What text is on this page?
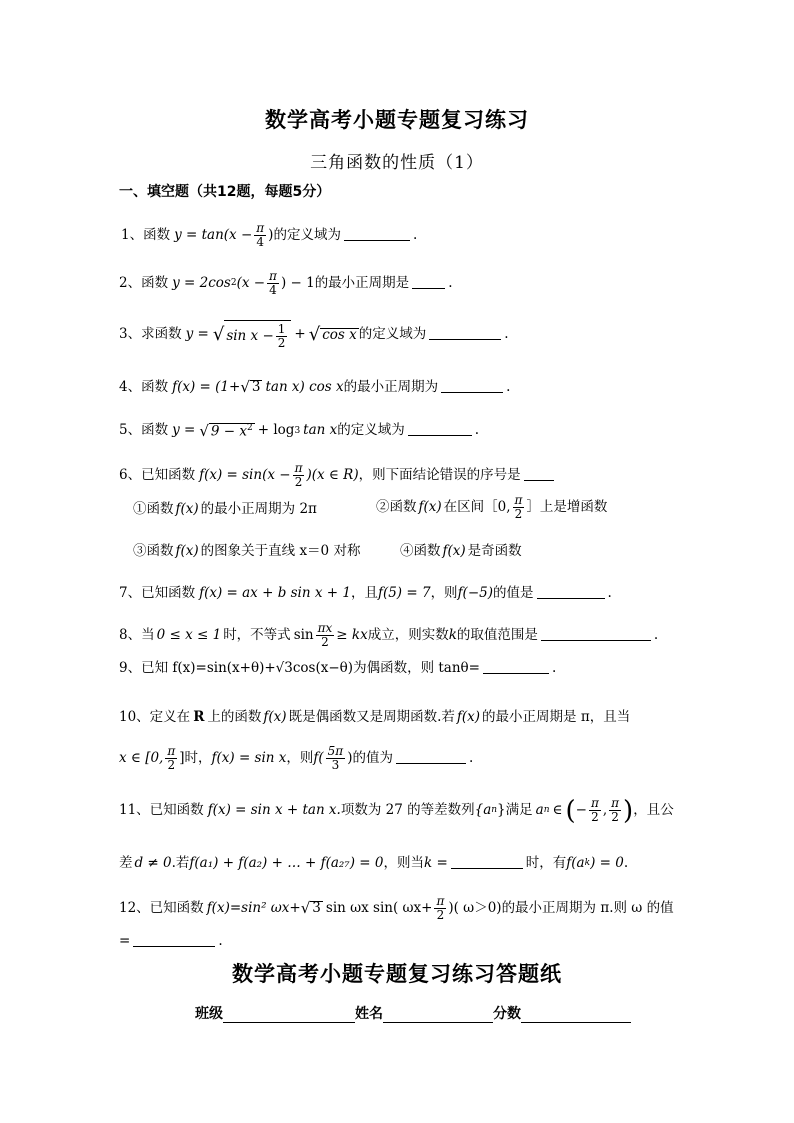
数学高考小题专题复习练习
三角函数的性质（1）
一、填空题（共12题，每题5分）
1、函数 $y = \tan(x - \frac{\pi}{4}$ ) 的定义域为	.
2、函数 y = 2cos 2 ($x - \frac{\pi}{4}$ ) − 1 的最小正周期是	.
3、求函数 y = √ $\sin x - \frac{1}{2}$ + √ cos x 的定义域为	.
4、函数 f(x) = (1+ √ 3 tan x) cos x 的最小正周期为	.
5、函数 y = √ $9 - x^2 + \log 3$ tan x 的定义域为	.
6、已知函数 $f(x) = \sin(x - \frac{\pi}{2} )(x$ ∈ R) ，则下面结论错误的序号是
①函数 f(x) 的最小正周期为 2π	②函数 f(x) 在区间［0, $\frac{\pi}{2}$ ］上是增函数
③函数 f(x) 的图象关于直线 x＝0 对称	④函数 f(x) 是奇函数
7、已知函数 f(x) = ax + b sin x + 1 ，且 f(5) = 7 ，则 f(−5) 的值是	.
8、当 0 ≤ x ≤ 1 时，不等式 $\sin \frac{\pi x}{2}$ ≥ kx 成立，则实数 k 的取值范围是	.
9、已知 f(x)=sin(x+θ)+√3cos(x−θ)为偶函数，则 tanθ=	.
10、定义在 R 上的函数 f(x) 既是偶函数又是周期函数.若 f(x) 的最小正周期是 π，且当
x ∈ [0, $\frac{\pi}{2}$ ] 时， f(x) = sin x ，则 $f( \frac{5\pi}{3}$ ) 的值为	.
11、已知函数 f(x) = sin x + tan x. 项数为 27 的等差数列 {a n } 满足 a n ∈ ( − $\frac{\pi}{2}$ , $\frac{\pi}{2}$ ) ，且公
差 d ≠ 0 .若 f(a₁) + f(a₂) + … + f(a₂₇) = 0 ，则当 k =	时，有 f(a k ) = 0 .
12、已知函数 f(x)=sin² ωx+ √ 3 sin ωx sin( $\omega x+ \frac{\pi}{2}$ )( ω＞0) 的最小正周期为 π.则 ω 的值
=	.
数学高考小题专题复习练习答题纸
班级	姓名	分数
